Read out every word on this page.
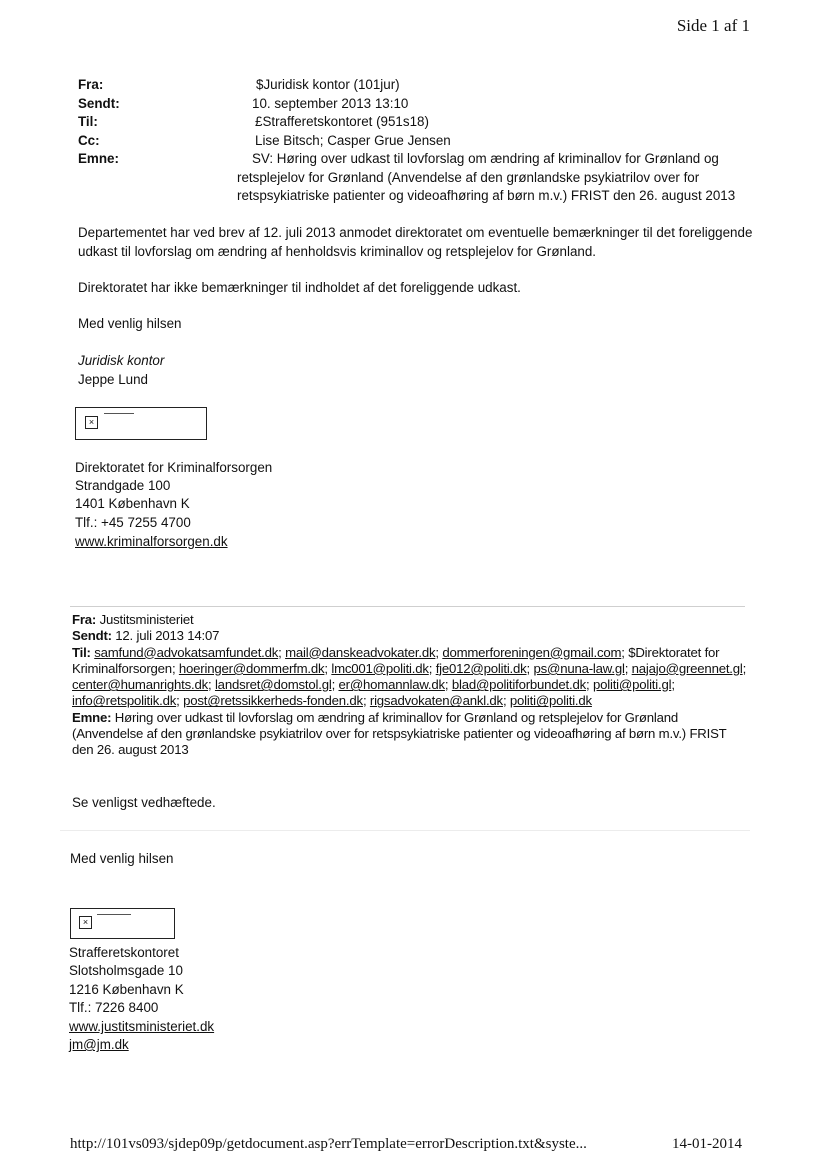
Side 1 af 1
Fra:	$Juridisk kontor (101jur)
Sendt:	10. september 2013 13:10
Til:	£Strafferetskontoret (951s18)
Cc:	Lise Bitsch; Casper Grue Jensen
Emne:	SV: Høring over udkast til lovforslag om ændring af kriminallov for Grønland og retsplejelov for Grønland (Anvendelse af den grønlandske psykiatrilov over for retspsykiatriske patienter og videoafhøring af børn m.v.) FRIST den 26. august 2013
Departementet har ved brev af 12. juli 2013 anmodet direktoratet om eventuelle bemærkninger til det foreliggende udkast til lovforslag om ændring af henholdsvis kriminallov og retsplejelov for Grønland.
Direktoratet har ikke bemærkninger til indholdet af det foreliggende udkast.
Med venlig hilsen
Juridisk kontor
Jeppe Lund
×
Direktoratet for Kriminalforsorgen
Strandgade 100
1401 København K
Tlf.: +45 7255 4700
www.kriminalforsorgen.dk
Fra: Justitsministeriet
Sendt: 12. juli 2013 14:07
Til: samfund@advokatsamfundet.dk; mail@danskeadvokater.dk; dommerforeningen@gmail.com; $Direktoratet for Kriminalforsorgen; hoeringer@dommerfm.dk; lmc001@politi.dk; fje012@politi.dk; ps@nuna-law.gl; najajo@greennet.gl; center@humanrights.dk; landsret@domstol.gl; er@homannlaw.dk; blad@politiforbundet.dk; politi@politi.gl; info@retspolitik.dk; post@retssikkerheds-fonden.dk; rigsadvokaten@ankl.dk; politi@politi.dk
Emne: Høring over udkast til lovforslag om ændring af kriminallov for Grønland og retsplejelov for Grønland (Anvendelse af den grønlandske psykiatrilov over for retspsykiatriske patienter og videoafhøring af børn m.v.) FRIST den 26. august 2013
Se venligst vedhæftede.
Med venlig hilsen
×
Strafferetskontoret
Slotsholmsgade 10
1216 København K
Tlf.: 7226 8400
www.justitsministeriet.dk
jm@jm.dk
http://101vs093/sjdep09p/getdocument.asp?errTemplate=errorDescription.txt&syste...	14-01-2014
